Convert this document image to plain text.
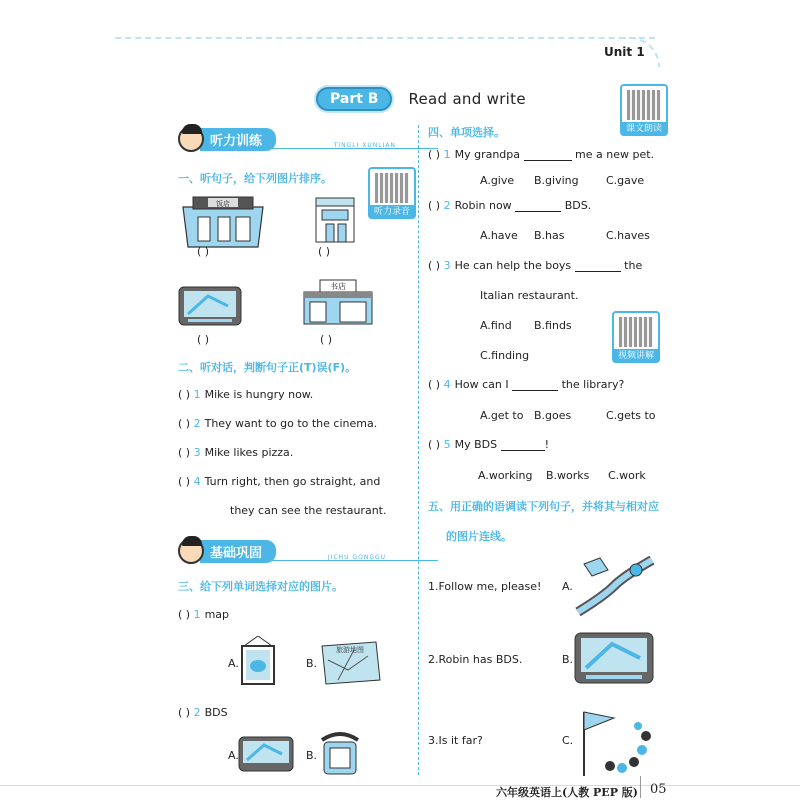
Unit 1
Part B	Read and write
课文朗读
听力录音
视频讲解
听力训练	TINGLI XUNLIAN
一、听句子，给下列图片排序。
饭店
( )	( )
( )
书店
( )
二、听对话，判断句子正(T)误(F)。
( ) 1 Mike is hungry now.
( ) 2 They want to go to the cinema.
( ) 3 Mike likes pizza.
( ) 4 Turn right, then go straight, and
they can see the restaurant.
基础巩固	JICHU GONGGU
三、给下列单词选择对应的图片。
( ) 1 map
A.	B.
旅游地图
( ) 2 BDS
A.	B.
四、单项选择。
( ) 1 My grandpa	me a new pet.
A.give B.giving C.gave
( ) 2 Robin now	BDS.
A.have B.has	C.haves
( ) 3 He can help the boys	the
Italian restaurant.
A.find B.finds
C.finding
( ) 4 How can I	the library?
A.get to B.goes	C.gets to
( ) 5 My BDS	!
A.working B.works C.work
五、用正确的语调读下列句子，并将其与相对应
的图片连线。
1.Follow me, please! A.
2.Robin has BDS.	B.
3.Is it far?	C.
六年级英语上(人教 PEP 版) 05
